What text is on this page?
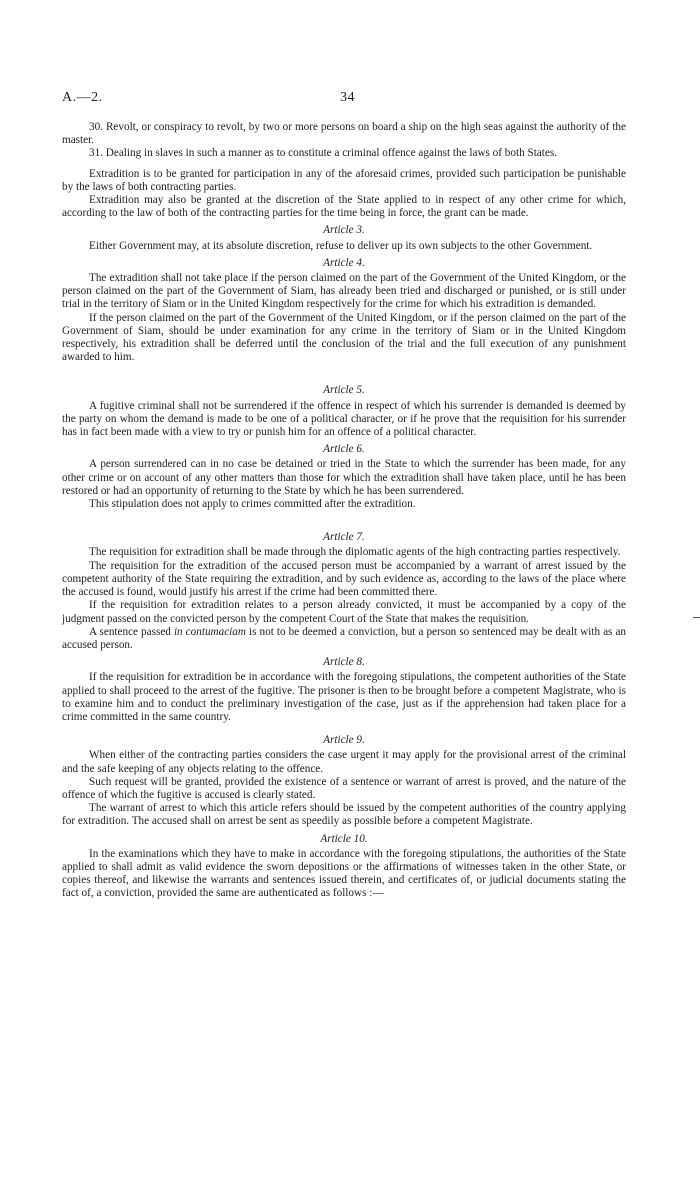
A.—2.	34

30. Revolt, or conspiracy to revolt, by two or more persons on board a ship on the high seas against the authority of the master.

31. Dealing in slaves in such a manner as to constitute a criminal offence against the laws of both States.

Extradition is to be granted for participation in any of the aforesaid crimes, provided such participation be punishable by the laws of both contracting parties.

Extradition may also be granted at the discretion of the State applied to in respect of any other crime for which, according to the law of both of the contracting parties for the time being in force, the grant can be made.

Article 3.

Either Government may, at its absolute discretion, refuse to deliver up its own subjects to the other Government.

Article 4.

The extradition shall not take place if the person claimed on the part of the Government of the United Kingdom, or the person claimed on the part of the Government of Siam, has already been tried and discharged or punished, or is still under trial in the territory of Siam or in the United Kingdom respectively for the crime for which his extradition is demanded.

If the person claimed on the part of the Government of the United Kingdom, or if the person claimed on the part of the Government of Siam, should be under examination for any crime in the territory of Siam or in the United Kingdom respectively, his extradition shall be deferred until the conclusion of the trial and the full execution of any punishment awarded to him.

Article 5.

A fugitive criminal shall not be surrendered if the offence in respect of which his surrender is demanded is deemed by the party on whom the demand is made to be one of a political character, or if he prove that the requisition for his surrender has in fact been made with a view to try or punish him for an offence of a political character.

Article 6.

A person surrendered can in no case be detained or tried in the State to which the surrender has been made, for any other crime or on account of any other matters than those for which the extradition shall have taken place, until he has been restored or had an opportunity of returning to the State by which he has been surrendered.

This stipulation does not apply to crimes committed after the extradition.

Article 7.

The requisition for extradition shall be made through the diplomatic agents of the high contracting parties respectively.

The requisition for the extradition of the accused person must be accompanied by a warrant of arrest issued by the competent authority of the State requiring the extradition, and by such evidence as, according to the laws of the place where the accused is found, would justify his arrest if the crime had been committed there.

If the requisition for extradition relates to a person already convicted, it must be accompanied by a copy of the judgment passed on the convicted person by the competent Court of the State that makes the requisition.

A sentence passed in contumaciam is not to be deemed a conviction, but a person so sentenced may be dealt with as an accused person.

Article 8.

If the requisition for extradition be in accordance with the foregoing stipulations, the competent authorities of the State applied to shall proceed to the arrest of the fugitive. The prisoner is then to be brought before a competent Magistrate, who is to examine him and to conduct the preliminary investigation of the case, just as if the apprehension had taken place for a crime committed in the same country.

Article 9.

When either of the contracting parties considers the case urgent it may apply for the provisional arrest of the criminal and the safe keeping of any objects relating to the offence.

Such request will be granted, provided the existence of a sentence or warrant of arrest is proved, and the nature of the offence of which the fugitive is accused is clearly stated.

The warrant of arrest to which this article refers should be issued by the competent authorities of the country applying for extradition. The accused shall on arrest be sent as speedily as possible before a competent Magistrate.

Article 10.

In the examinations which they have to make in accordance with the foregoing stipulations, the authorities of the State applied to shall admit as valid evidence the sworn depositions or the affirmations of witnesses taken in the other State, or copies thereof, and likewise the warrants and sentences issued therein, and certificates of, or judicial documents stating the fact of, a conviction, provided the same are authenticated as follows :—
